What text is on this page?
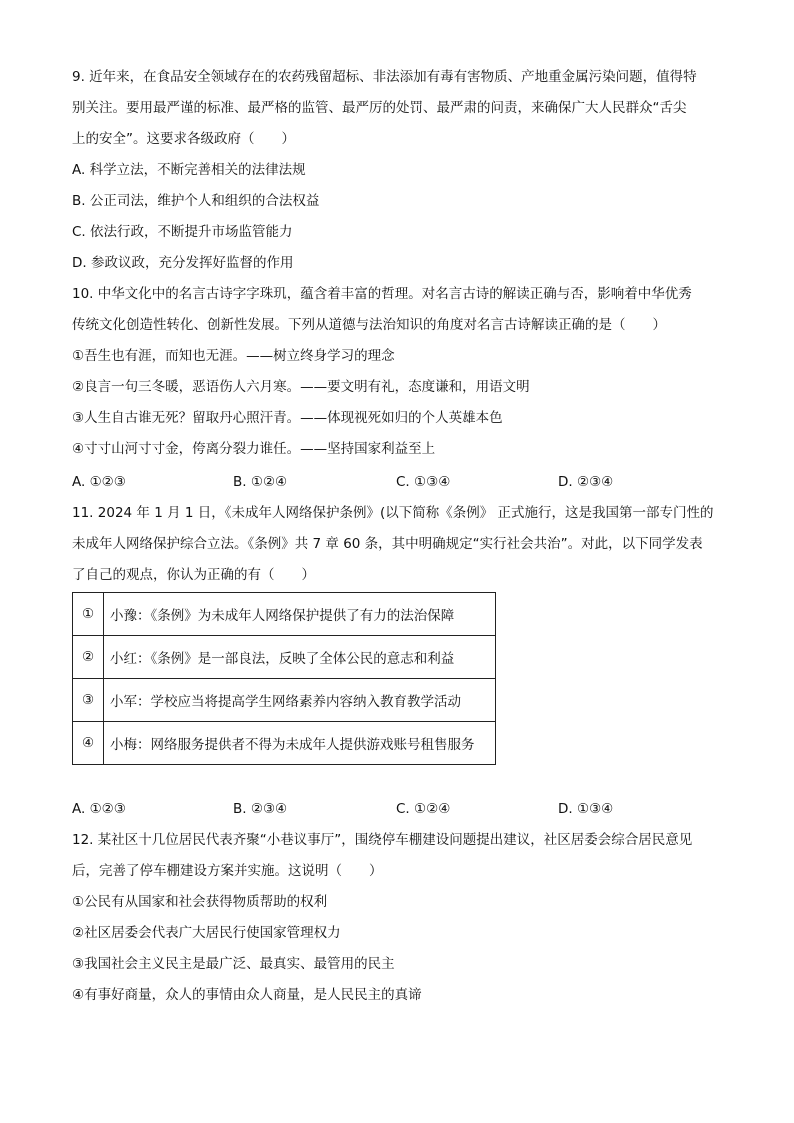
9. 近年来，在食品安全领域存在的农药残留超标、非法添加有毒有害物质、产地重金属污染问题，值得特
别关注。要用最严谨的标准、最严格的监管、最严厉的处罚、最严肃的问责，来确保广大人民群众“舌尖
上的安全”。这要求各级政府（　　）
A. 科学立法，不断完善相关的法律法规
B. 公正司法，维护个人和组织的合法权益
C. 依法行政，不断提升市场监管能力
D. 参政议政，充分发挥好监督的作用
10. 中华文化中的名言古诗字字珠玑，蕴含着丰富的哲理。对名言古诗的解读正确与否，影响着中华优秀
传统文化创造性转化、创新性发展。下列从道德与法治知识的角度对名言古诗解读正确的是（　　）
①吾生也有涯，而知也无涯。——树立终身学习的理念
②良言一句三冬暖，恶语伤人六月寒。——要文明有礼，态度谦和，用语文明
③人生自古谁无死？留取丹心照汗青。——体现视死如归的个人英雄本色
④寸寸山河寸寸金，侉离分裂力谁任。——坚持国家利益至上
A. ①②③	B. ①②④	C. ①③④	D. ②③④
11. 2024 年 1 月 1 日，《未成年人网络保护条例》(以下简称《条例》 正式施行，这是我国第一部专门性的
未成年人网络保护综合立法。《条例》共 7 章 60 条，其中明确规定“实行社会共治”。对此，以下同学发表
了自己的观点，你认为正确的有（　　）
①	小豫：《条例》为未成年人网络保护提供了有力的法治保障
②	小红：《条例》是一部良法，反映了全体公民的意志和利益
③	小军：学校应当将提高学生网络素养内容纳入教育教学活动
④	小梅：网络服务提供者不得为未成年人提供游戏账号租售服务
A. ①②③	B. ②③④	C. ①②④	D. ①③④
12. 某社区十几位居民代表齐聚“小巷议事厅”，围绕停车棚建设问题提出建议，社区居委会综合居民意见
后，完善了停车棚建设方案并实施。这说明（　　）
①公民有从国家和社会获得物质帮助的权利
②社区居委会代表广大居民行使国家管理权力
③我国社会主义民主是最广泛、最真实、最管用的民主
④有事好商量，众人的事情由众人商量，是人民民主的真谛
